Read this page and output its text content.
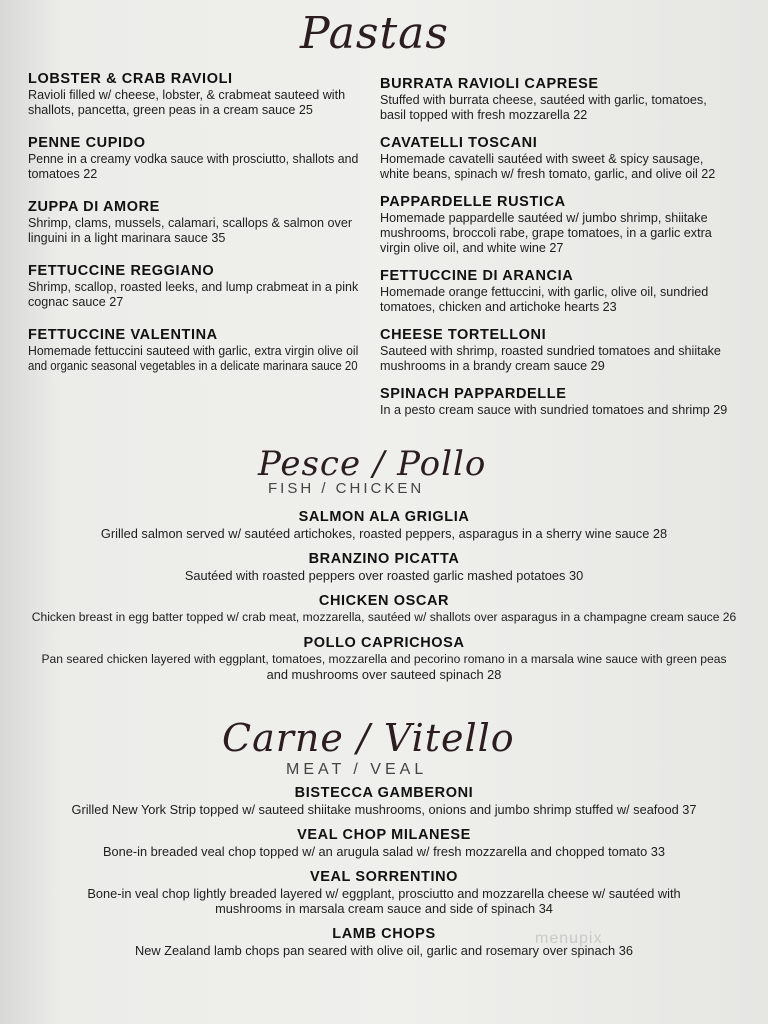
Pastas
LOBSTER & CRAB RAVIOLI
Ravioli filled w/ cheese, lobster, & crabmeat sauteed with
shallots, pancetta, green peas in a cream sauce 25
PENNE CUPIDO
Penne in a creamy vodka sauce with prosciutto, shallots and
tomatoes 22
ZUPPA DI AMORE
Shrimp, clams, mussels, calamari, scallops & salmon over
linguini in a light marinara sauce 35
FETTUCCINE REGGIANO
Shrimp, scallop, roasted leeks, and lump crabmeat in a pink
cognac sauce 27
FETTUCCINE VALENTINA
Homemade fettuccini sauteed with garlic, extra virgin olive oil
and organic seasonal vegetables in a delicate marinara sauce 20
BURRATA RAVIOLI CAPRESE
Stuffed with burrata cheese, sautéed with garlic, tomatoes,
basil topped with fresh mozzarella 22
CAVATELLI TOSCANI
Homemade cavatelli sautéed with sweet & spicy sausage,
white beans, spinach w/ fresh tomato, garlic, and olive oil 22
PAPPARDELLE RUSTICA
Homemade pappardelle sautéed w/ jumbo shrimp, shiitake
mushrooms, broccoli rabe, grape tomatoes, in a garlic extra
virgin olive oil, and white wine 27
FETTUCCINE DI ARANCIA
Homemade orange fettuccini, with garlic, olive oil, sundried
tomatoes, chicken and artichoke hearts 23
CHEESE TORTELLONI
Sauteed with shrimp, roasted sundried tomatoes and shiitake
mushrooms in a brandy cream sauce 29
SPINACH PAPPARDELLE
In a pesto cream sauce with sundried tomatoes and shrimp 29
Pesce / Pollo
FISH / CHICKEN
SALMON ALA GRIGLIA
Grilled salmon served w/ sautéed artichokes, roasted peppers, asparagus in a sherry wine sauce 28
BRANZINO PICATTA
Sautéed with roasted peppers over roasted garlic mashed potatoes 30
CHICKEN OSCAR
Chicken breast in egg batter topped w/ crab meat, mozzarella, sautéed w/ shallots over asparagus in a champagne cream sauce 26
POLLO CAPRICHOSA
Pan seared chicken layered with eggplant, tomatoes, mozzarella and pecorino romano in a marsala wine sauce with green peas
and mushrooms over sauteed spinach 28
Carne / Vitello
MEAT / VEAL
BISTECCA GAMBERONI
Grilled New York Strip topped w/ sauteed shiitake mushrooms, onions and jumbo shrimp stuffed w/ seafood 37
VEAL CHOP MILANESE
Bone-in breaded veal chop topped w/ an arugula salad w/ fresh mozzarella and chopped tomato 33
VEAL SORRENTINO
Bone-in veal chop lightly breaded layered w/ eggplant, prosciutto and mozzarella cheese w/ sautéed with
mushrooms in marsala cream sauce and side of spinach 34
LAMB CHOPS
New Zealand lamb chops pan seared with olive oil, garlic and rosemary over spinach 36
menupix
